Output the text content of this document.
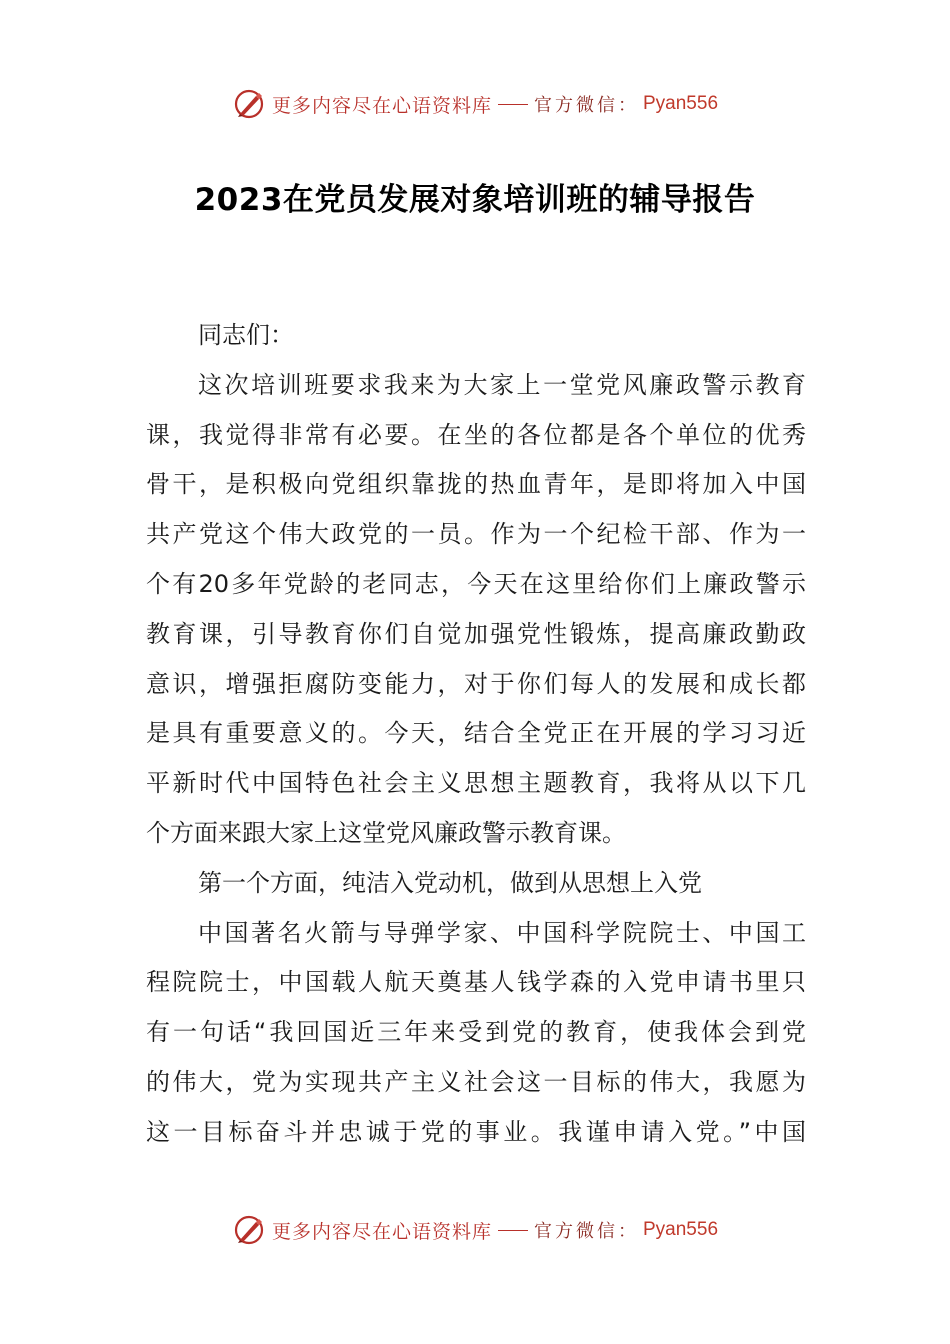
更多内容尽在心语资料库 官方微信： Pyan556
2023在党员发展对象培训班的辅导报告
同志们：
这次培训班要求我来为大家上一堂党风廉政警示教育
课，我觉得非常有必要。在坐的各位都是各个单位的优秀
骨干，是积极向党组织靠拢的热血青年，是即将加入中国
共产党这个伟大政党的一员。作为一个纪检干部、作为一
个有20多年党龄的老同志，今天在这里给你们上廉政警示
教育课，引导教育你们自觉加强党性锻炼，提高廉政勤政
意识，增强拒腐防变能力，对于你们每人的发展和成长都
是具有重要意义的。今天，结合全党正在开展的学习习近
平新时代中国特色社会主义思想主题教育，我将从以下几
个方面来跟大家上这堂党风廉政警示教育课。
第一个方面，纯洁入党动机，做到从思想上入党
中国著名火箭与导弹学家、中国科学院院士、中国工
程院院士，中国载人航天奠基人钱学森的入党申请书里只
有一句话“我回国近三年来受到党的教育，使我体会到党
的伟大，党为实现共产主义社会这一目标的伟大，我愿为
这一目标奋斗并忠诚于党的事业。我谨申请入党。”中国
更多内容尽在心语资料库 官方微信： Pyan556
